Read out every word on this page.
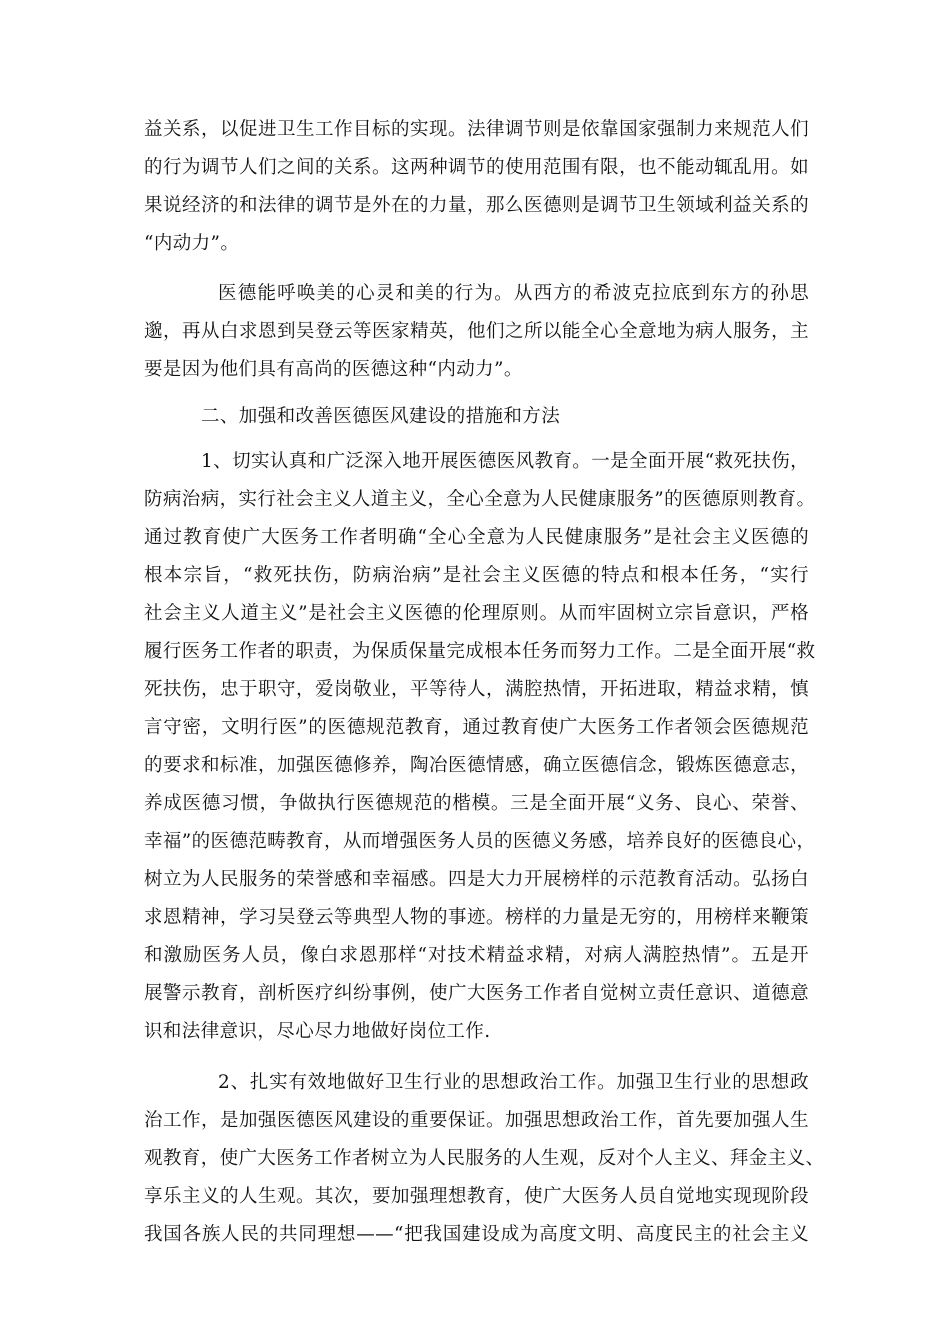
益关系，以促进卫生工作目标的实现。法律调节则是依靠国家强制力来规范人们
的行为调节人们之间的关系。这两种调节的使用范围有限，也不能动辄乱用。如
果说经济的和法律的调节是外在的力量，那么医德则是调节卫生领域利益关系的
“内动力”。
医德能呼唤美的心灵和美的行为。从西方的希波克拉底到东方的孙思
邈，再从白求恩到吴登云等医家精英，他们之所以能全心全意地为病人服务，主
要是因为他们具有高尚的医德这种“内动力”。
二、加强和改善医德医风建设的措施和方法
1、切实认真和广泛深入地开展医德医风教育。一是全面开展“救死扶伤，
防病治病，实行社会主义人道主义，全心全意为人民健康服务”的医德原则教育。
通过教育使广大医务工作者明确“全心全意为人民健康服务”是社会主义医德的
根本宗旨，“救死扶伤，防病治病”是社会主义医德的特点和根本任务，“实行
社会主义人道主义”是社会主义医德的伦理原则。从而牢固树立宗旨意识，严格
履行医务工作者的职责，为保质保量完成根本任务而努力工作。二是全面开展“救
死扶伤，忠于职守，爱岗敬业，平等待人，满腔热情，开拓进取，精益求精，慎
言守密，文明行医”的医德规范教育，通过教育使广大医务工作者领会医德规范
的要求和标准，加强医德修养，陶冶医德情感，确立医德信念，锻炼医德意志，
养成医德习惯，争做执行医德规范的楷模。三是全面开展“义务、良心、荣誉、
幸福”的医德范畴教育，从而增强医务人员的医德义务感，培养良好的医德良心，
树立为人民服务的荣誉感和幸福感。四是大力开展榜样的示范教育活动。弘扬白
求恩精神，学习吴登云等典型人物的事迹。榜样的力量是无穷的，用榜样来鞭策
和激励医务人员，像白求恩那样“对技术精益求精，对病人满腔热情”。五是开
展警示教育，剖析医疗纠纷事例，使广大医务工作者自觉树立责任意识、道德意
识和法律意识，尽心尽力地做好岗位工作.
2、扎实有效地做好卫生行业的思想政治工作。加强卫生行业的思想政
治工作，是加强医德医风建设的重要保证。加强思想政治工作，首先要加强人生
观教育，使广大医务工作者树立为人民服务的人生观，反对个人主义、拜金主义、
享乐主义的人生观。其次，要加强理想教育，使广大医务人员自觉地实现现阶段
我国各族人民的共同理想——“把我国建设成为高度文明、高度民主的社会主义
